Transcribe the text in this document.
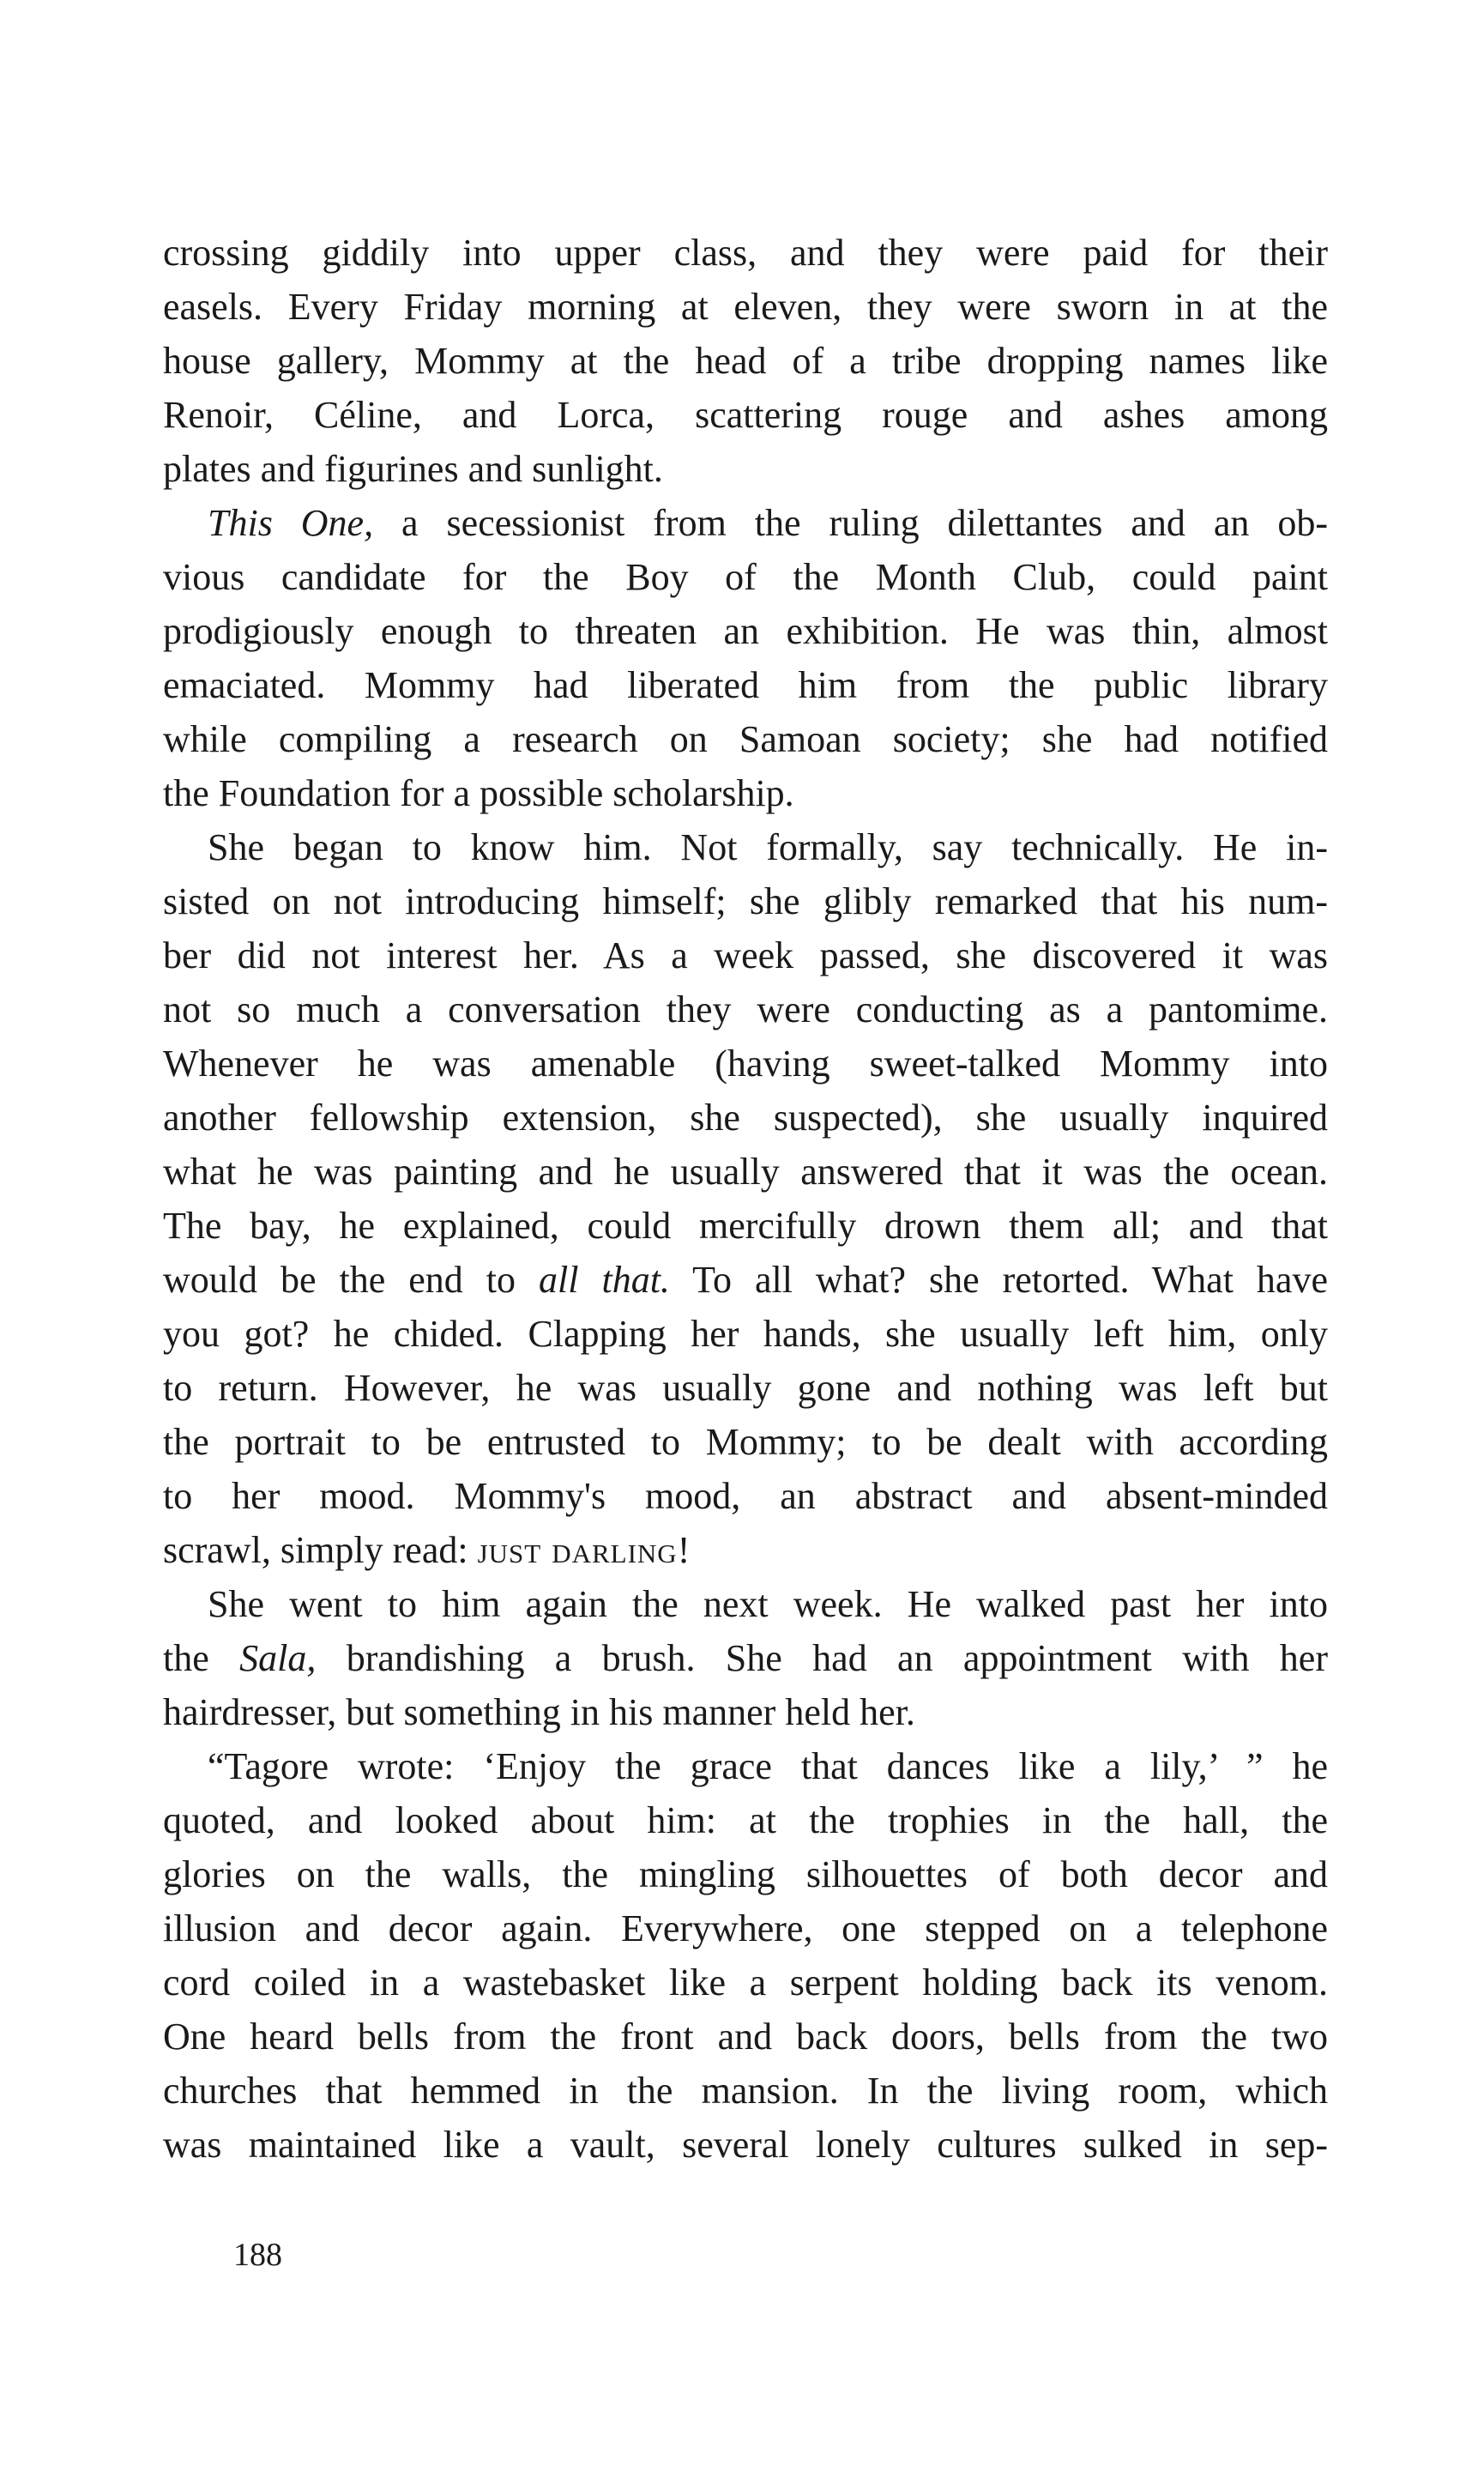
crossing giddily into upper class, and they were paid for their
easels. Every Friday morning at eleven, they were sworn in at the
house gallery, Mommy at the head of a tribe dropping names like
Renoir, Céline, and Lorca, scattering rouge and ashes among
plates and figurines and sunlight.
This One, a secessionist from the ruling dilettantes and an ob-
vious candidate for the Boy of the Month Club, could paint
prodigiously enough to threaten an exhibition. He was thin, almost
emaciated. Mommy had liberated him from the public library
while compiling a research on Samoan society; she had notified
the Foundation for a possible scholarship.
She began to know him. Not formally, say technically. He in-
sisted on not introducing himself; she glibly remarked that his num-
ber did not interest her. As a week passed, she discovered it was
not so much a conversation they were conducting as a pantomime.
Whenever he was amenable (having sweet-talked Mommy into
another fellowship extension, she suspected), she usually inquired
what he was painting and he usually answered that it was the ocean.
The bay, he explained, could mercifully drown them all; and that
would be the end to all that. To all what? she retorted. What have
you got? he chided. Clapping her hands, she usually left him, only
to return. However, he was usually gone and nothing was left but
the portrait to be entrusted to Mommy; to be dealt with according
to her mood. Mommy's mood, an abstract and absent-minded
scrawl, simply read: just darling!
She went to him again the next week. He walked past her into
the Sala, brandishing a brush. She had an appointment with her
hairdresser, but something in his manner held her.
“Tagore wrote: ‘Enjoy the grace that dances like a lily,’ ” he
quoted, and looked about him: at the trophies in the hall, the
glories on the walls, the mingling silhouettes of both decor and
illusion and decor again. Everywhere, one stepped on a telephone
cord coiled in a wastebasket like a serpent holding back its venom.
One heard bells from the front and back doors, bells from the two
churches that hemmed in the mansion. In the living room, which
was maintained like a vault, several lonely cultures sulked in sep-
188
